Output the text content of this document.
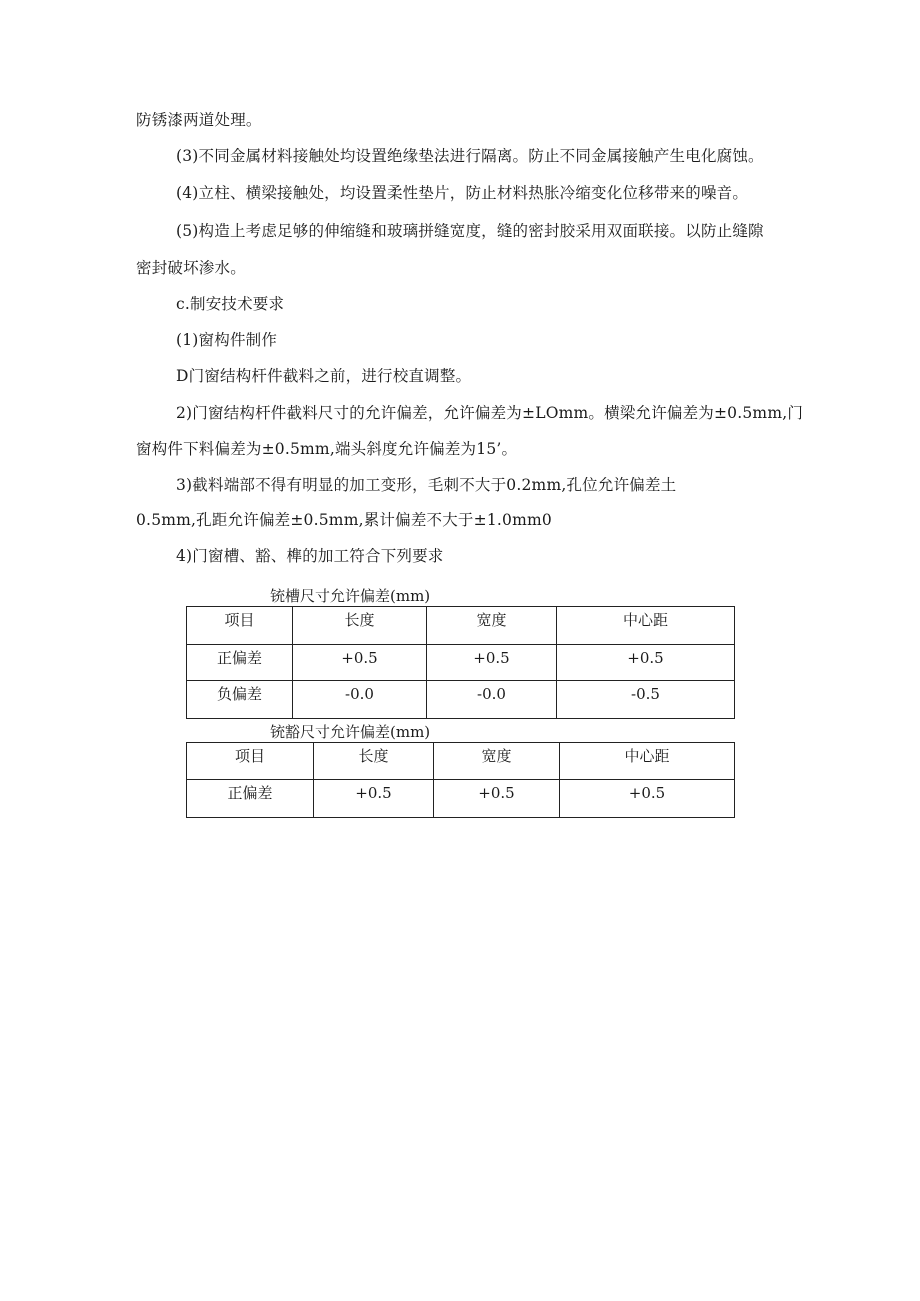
防锈漆两道处理。
(3)不同金属材料接触处均设置绝缘垫法进行隔离。防止不同金属接触产生电化腐蚀。
(4)立柱、横梁接触处，均设置柔性垫片，防止材料热胀冷缩变化位移带来的噪音。
(5)构造上考虑足够的伸缩缝和玻璃拼缝宽度，缝的密封胶采用双面联接。以防止缝隙
密封破坏渗水。
c.制安技术要求
(1)窗构件制作
D门窗结构杆件截料之前，进行校直调整。
2)门窗结构杆件截料尺寸的允许偏差，允许偏差为±LOmm。横梁允许偏差为±0.5mm,门
窗构件下料偏差为±0.5mm,端头斜度允许偏差为15’。
3)截料端部不得有明显的加工变形，毛刺不大于0.2mm,孔位允许偏差土
0.5mm,孔距允许偏差±0.5mm,累计偏差不大于±1.0mm0
4)门窗槽、豁、榫的加工符合下列要求
铳槽尺寸允许偏差(mm)
项目	长度	宽度	中心距

正偏差	+0.5	+0.5	+0.5

负偏差	-0.0	-0.0	-0.5
铳豁尺寸允许偏差(mm)
项目	长度	宽度	中心距

正偏差	+0.5	+0.5	+0.5
